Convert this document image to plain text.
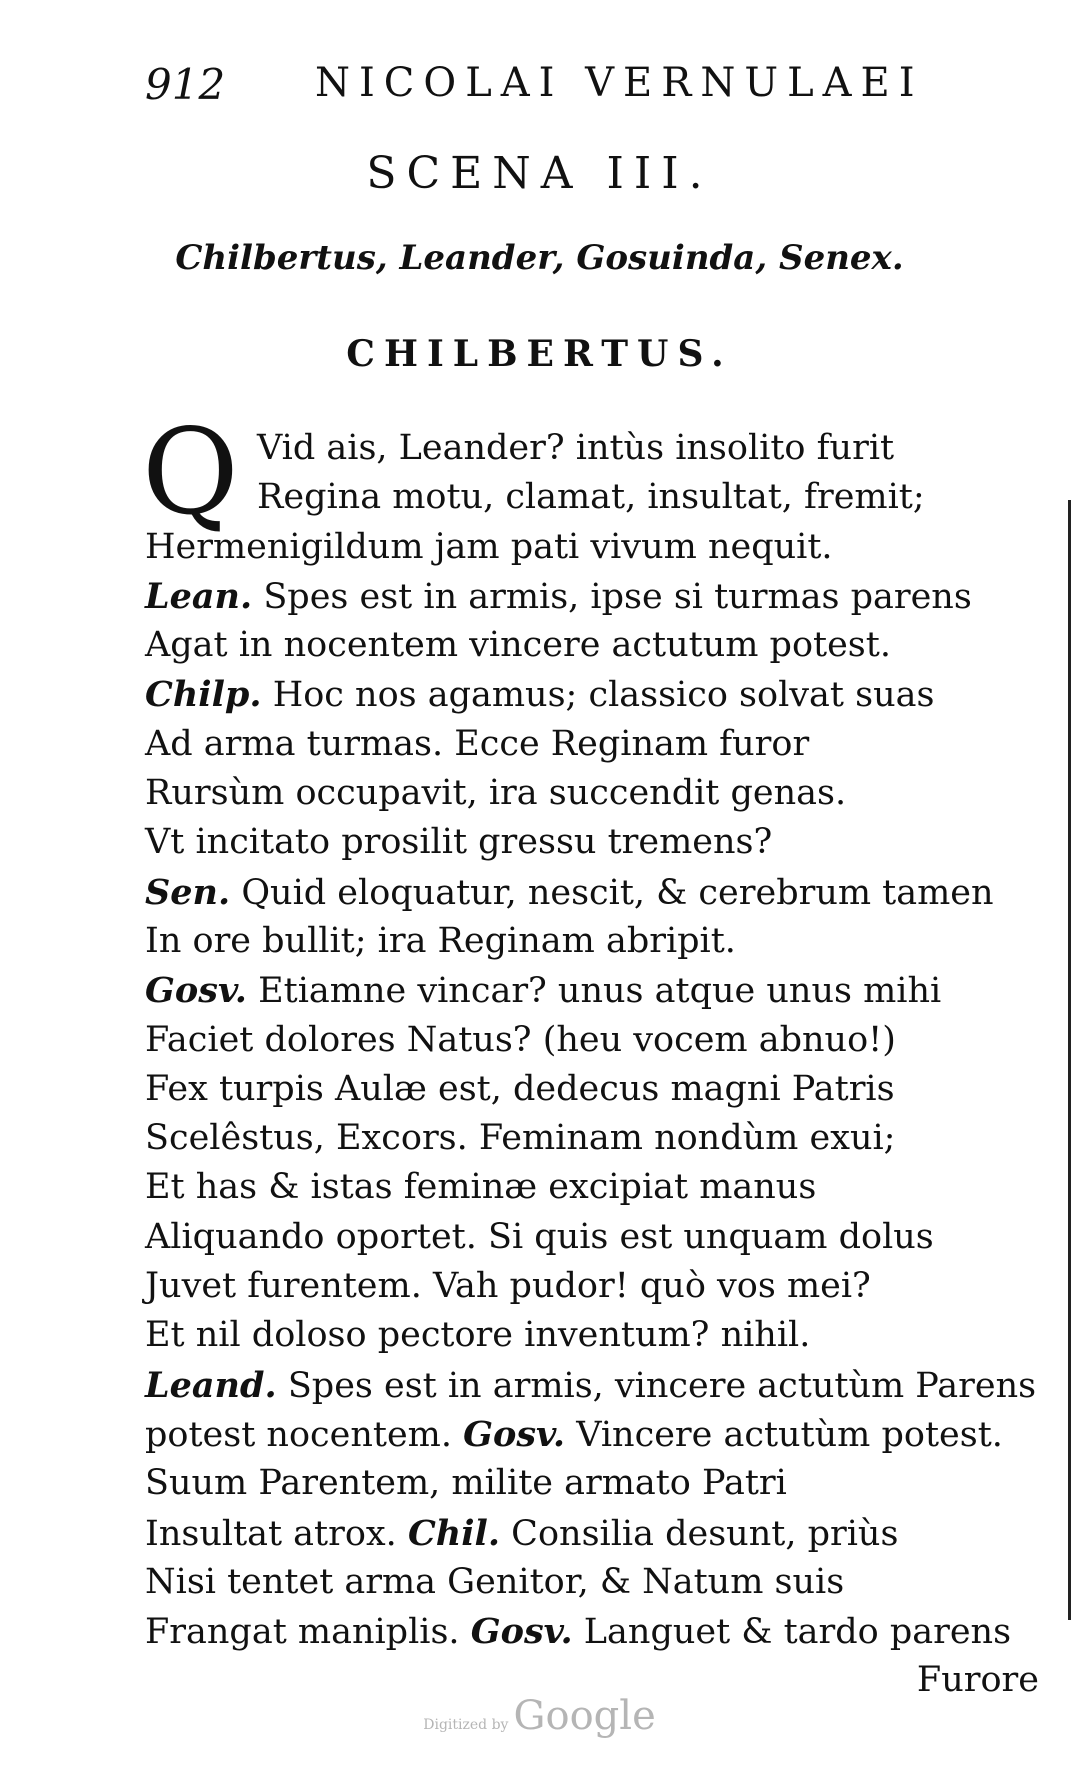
912 NICOLAI VERNULAEI
SCENA III.
Chilbertus, Leander, Gosuinda, Senex.
CHILBERTUS.
Q Vid ais, Leander? intùs insolito furit
Regina motu, clamat, insultat, fremit;
Hermenigildum jam pati vivum nequit.
Lean. Spes est in armis, ipse si turmas parens
Agat in nocentem vincere actutum potest.
Chilp. Hoc nos agamus; classico solvat suas
Ad arma turmas. Ecce Reginam furor
Rursùm occupavit, ira succendit genas.
Vt incitato prosilit gressu tremens?
Sen. Quid eloquatur, nescit, & cerebrum tamen
In ore bullit; ira Reginam abripit.
Gosv. Etiamne vincar? unus atque unus mihi
Faciet dolores Natus? (heu vocem abnuo!)
Fex turpis Aulæ est, dedecus magni Patris
Scelêstus, Excors. Feminam nondùm exui;
Et has & istas feminæ excipiat manus
Aliquando oportet. Si quis est unquam dolus
Juvet furentem. Vah pudor! quò vos mei?
Et nil doloso pectore inventum? nihil.
Leand. Spes est in armis, vincere actutùm Parens
potest nocentem. Gosv. Vincere actutùm potest.
Suum Parentem, milite armato Patri
Insultat atrox. Chil. Consilia desunt, priùs
Nisi tentet arma Genitor, & Natum suis
Frangat maniplis. Gosv. Languet & tardo parens
Furore
Digitized by Google
